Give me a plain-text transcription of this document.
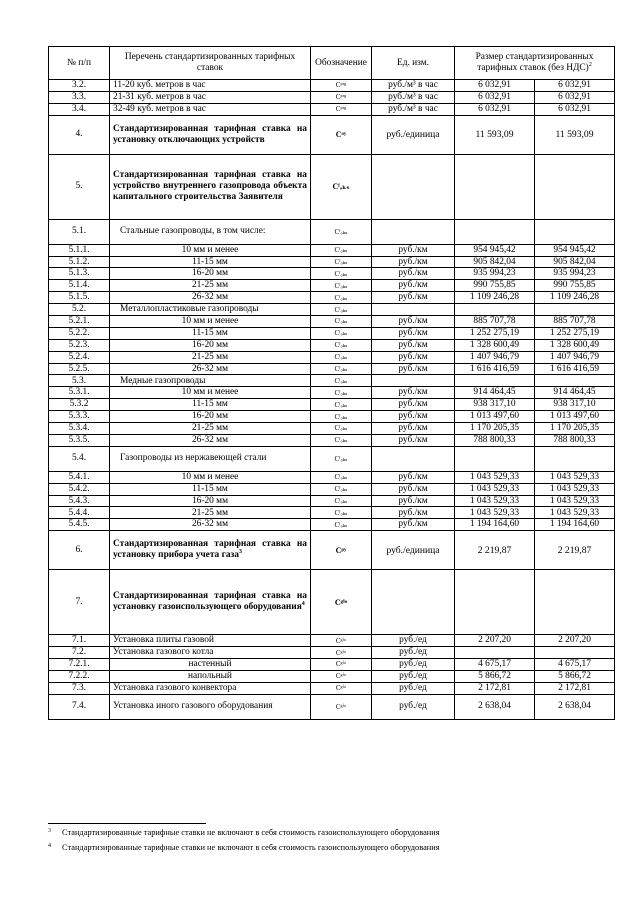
№ п/п	Перечень стандартизированных тарифных ставок	Обозначение	Ед. изм.	Размер стандартизированных тарифных ставок (без НДС)$^2$
3.2.	11-20 куб. метров в час	Cᵖʳᵍ	руб./м³ в час	6 032,91	6 032,91
3.3.	21-31 куб. метров в час	Cᵖʳᵍ	руб./м³ в час	6 032,91	6 032,91
3.4.	32-49 куб. метров в час	Cᵖʳᵍ	руб./м³ в час	6 032,91	6 032,91
4.	Стандартизированная тарифная ставка на установку отключающих устройств	Cᵒʸ	руб./единица	11 593,09	11 593,09
5.	Стандартизированная тарифная ставка на устройство внутреннего газопровода объекта капитального строительства Заявителя	Cᶠₒₖₛ			
5.1.	Стальные газопроводы, в том числе:	Cᶠₒₖₛ			
5.1.1.	10 мм и менее	Cᶠₒₖₛ	руб./км	954 945,42	954 945,42
5.1.2.	11-15 мм	Cᶠₒₖₛ	руб./км	905 842,04	905 842,04
5.1.3.	16-20 мм	Cᶠₒₖₛ	руб./км	935 994,23	935 994,23
5.1.4.	21-25 мм	Cᶠₒₖₛ	руб./км	990 755,85	990 755,85
5.1.5.	26-32 мм	Cᶠₒₖₛ	руб./км	1 109 246,28	1 109 246,28
5.2.	Металлопластиковые газопроводы	Cᶠₒₖₛ			
5.2.1.	10 мм и менее	Cᶠₒₖₛ	руб./км	885 707,78	885 707,78
5.2.2.	11-15 мм	Cᶠₒₖₛ	руб./км	1 252 275,19	1 252 275,19
5.2.3.	16-20 мм	Cᶠₒₖₛ	руб./км	1 328 600,49	1 328 600,49
5.2.4.	21-25 мм	Cᶠₒₖₛ	руб./км	1 407 946,79	1 407 946,79
5.2.5.	26-32 мм	Cᶠₒₖₛ	руб./км	1 616 416,59	1 616 416,59
5.3.	Медные газопроводы	Cᶠₒₖₛ			
5.3.1.	10 мм и менее	Cᶠₒₖₛ	руб./км	914 464,45	914 464,45
5.3.2	11-15 мм	Cᶠₒₖₛ	руб./км	938 317,10	938 317,10
5.3.3.	16-20 мм	Cᶠₒₖₛ	руб./км	1 013 497,60	1 013 497,60
5.3.4.	21-25 мм	Cᶠₒₖₛ	руб./км	1 170 205,35	1 170 205,35
5.3.5.	26-32 мм	Cᶠₒₖₛ	руб./км	788 800,33	788 800,33
5.4.	Газопроводы из нержавеющей стали	Cᶠₒₖₛ			
5.4.1.	10 мм и менее	Cᶠₒₖₛ	руб./км	1 043 529,33	1 043 529,33
5.4.2.	11-15 мм	Cᶠₒₖₛ	руб./км	1 043 529,33	1 043 529,33
5.4.3.	16-20 мм	Cᶠₒₖₛ	руб./км	1 043 529,33	1 043 529,33
5.4.4.	21-25 мм	Cᶠₒₖₛ	руб./км	1 043 529,33	1 043 529,33
5.4.5.	26-32 мм	Cᶠₒₖₛ	руб./км	1 194 164,60	1 194 164,60
6.	Стандартизированная тарифная ставка на установку прибора учета газа$^3$	Cᵖʸ	руб./единица	2 219,87	2 219,87
7.	Стандартизированная тарифная ставка на установку газоиспользующего оборудования$^4$	Cᵍⁱᵒ			
7.1.	Установка плиты газовой	Cᵍⁱᵒ	руб./ед	2 207,20	2 207,20
7.2.	Установка газового котла	Cᵍⁱᵒ	руб./ед		
7.2.1.	настенный	Cᵍⁱᵒ	руб./ед	4 675,17	4 675,17
7.2.2.	напольный	Cᵍⁱᵒ	руб./ед	5 866,72	5 866,72
7.3.	Установка газового конвектора	Cᵍⁱᵒ	руб./ед	2 172,81	2 172,81
7.4.	Установка иного газового оборудования	Cᵍⁱᵒ	руб./ед	2 638,04	2 638,04
3 Стандартизированные тарифные ставки не включают в себя стоимость газоиспользующего оборудования
4 Стандартизированные тарифные ставки не включают в себя стоимость газоиспользующего оборудования
